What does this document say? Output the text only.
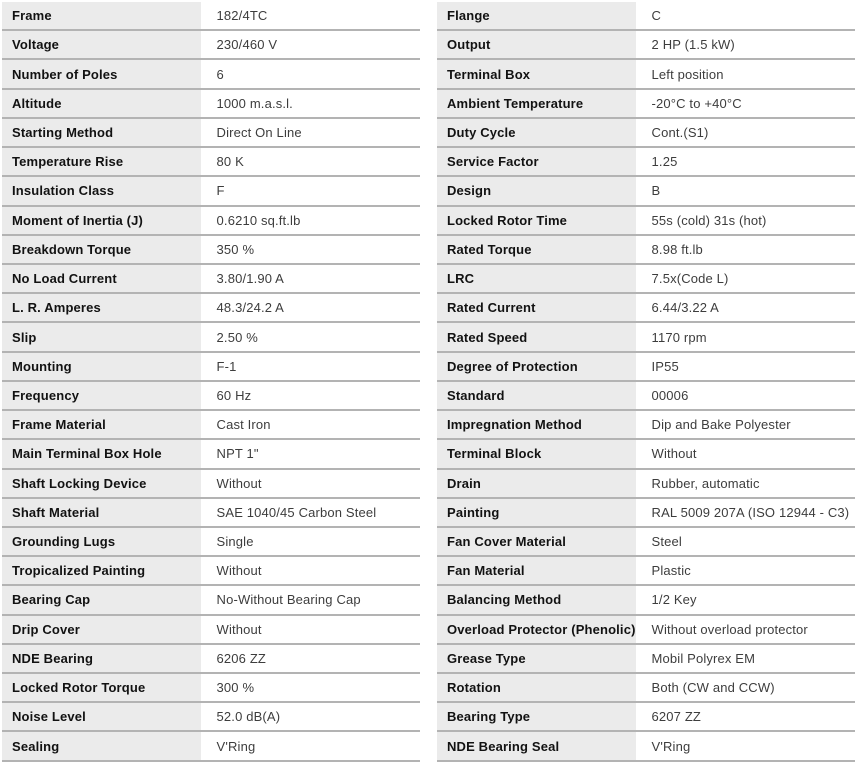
Frame	182/4TC
Voltage	230/460 V
Number of Poles	6
Altitude	1000 m.a.s.l.
Starting Method	Direct On Line
Temperature Rise	80 K
Insulation Class	F
Moment of Inertia (J)	0.6210 sq.ft.lb
Breakdown Torque	350 %
No Load Current	3.80/1.90 A
L. R. Amperes	48.3/24.2 A
Slip	2.50 %
Mounting	F-1
Frequency	60 Hz
Frame Material	Cast Iron
Main Terminal Box Hole	NPT 1"
Shaft Locking Device	Without
Shaft Material	SAE 1040/45 Carbon Steel
Grounding Lugs	Single
Tropicalized Painting	Without
Bearing Cap	No-Without Bearing Cap
Drip Cover	Without
NDE Bearing	6206 ZZ
Locked Rotor Torque	300 %
Noise Level	52.0 dB(A)
Sealing	V'Ring
Flange	C
Output	2 HP (1.5 kW)
Terminal Box	Left position
Ambient Temperature	-20°C to +40°C
Duty Cycle	Cont.(S1)
Service Factor	1.25
Design	B
Locked Rotor Time	55s (cold) 31s (hot)
Rated Torque	8.98 ft.lb
LRC	7.5x(Code L)
Rated Current	6.44/3.22 A
Rated Speed	1170 rpm
Degree of Protection	IP55
Standard	00006
Impregnation Method	Dip and Bake Polyester
Terminal Block	Without
Drain	Rubber, automatic
Painting	RAL 5009 207A (ISO 12944 - C3)
Fan Cover Material	Steel
Fan Material	Plastic
Balancing Method	1/2 Key
Overload Protector (Phenolic)	Without overload protector
Grease Type	Mobil Polyrex EM
Rotation	Both (CW and CCW)
Bearing Type	6207 ZZ
NDE Bearing Seal	V'Ring
